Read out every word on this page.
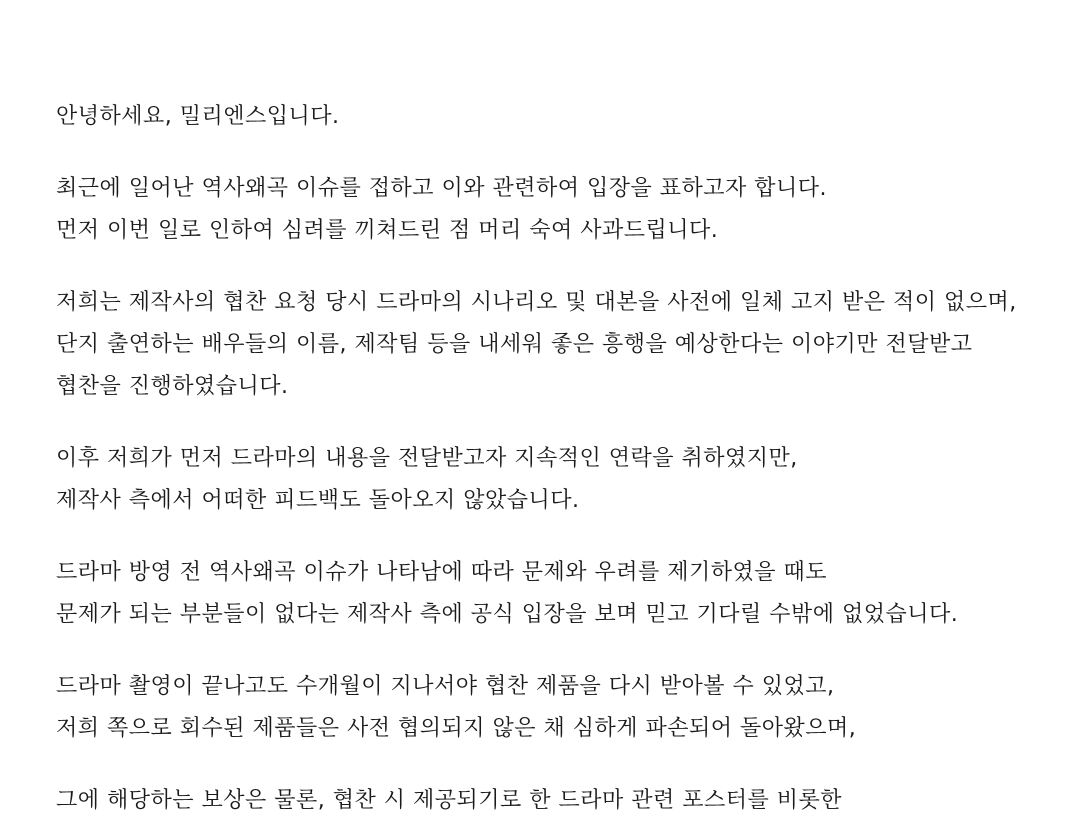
안녕하세요, 밀리엔스입니다.
최근에 일어난 역사왜곡 이슈를 접하고 이와 관련하여 입장을 표하고자 합니다.
먼저 이번 일로 인하여 심려를 끼쳐드린 점 머리 숙여 사과드립니다.
저희는 제작사의 협찬 요청 당시 드라마의 시나리오 및 대본을 사전에 일체 고지 받은 적이 없으며,
단지 출연하는 배우들의 이름, 제작팀 등을 내세워 좋은 흥행을 예상한다는 이야기만 전달받고
협찬을 진행하였습니다.
이후 저희가 먼저 드라마의 내용을 전달받고자 지속적인 연락을 취하였지만,
제작사 측에서 어떠한 피드백도 돌아오지 않았습니다.
드라마 방영 전 역사왜곡 이슈가 나타남에 따라 문제와 우려를 제기하였을 때도
문제가 되는 부분들이 없다는 제작사 측에 공식 입장을 보며 믿고 기다릴 수밖에 없었습니다.
드라마 촬영이 끝나고도 수개월이 지나서야 협찬 제품을 다시 받아볼 수 있었고,
저희 쪽으로 회수된 제품들은 사전 협의되지 않은 채 심하게 파손되어 돌아왔으며,
그에 해당하는 보상은 물론, 협찬 시 제공되기로 한 드라마 관련 포스터를 비롯한
